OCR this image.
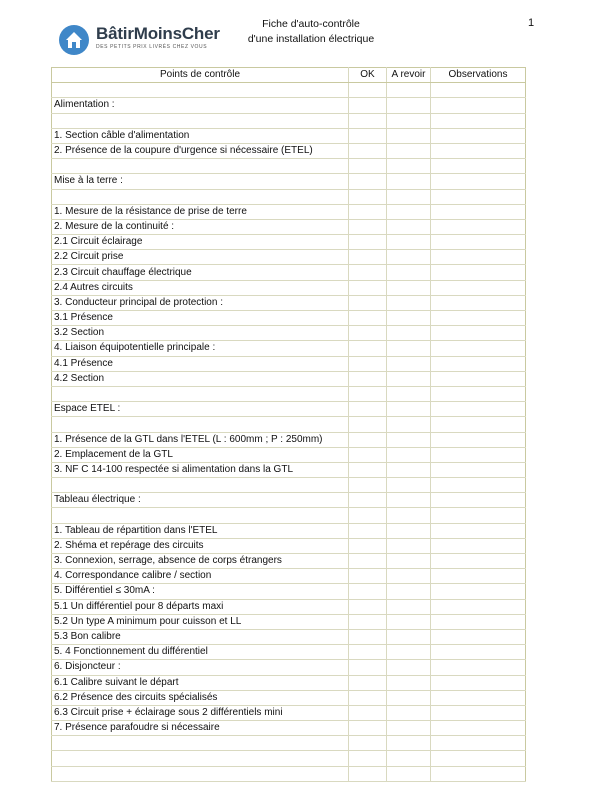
BâtirMoinsCher
DES PETITS PRIX LIVRÉS CHEZ VOUS
Fiche d'auto-contrôle
d'une installation électrique
1
Points de contrôle	OK	A revoir	Observations

Alimentation :			

1. Section câble d'alimentation			
2. Présence de la coupure d'urgence si nécessaire (ETEL)			

Mise à la terre :			

1. Mesure de la résistance de prise de terre			
2. Mesure de la continuité :			
2.1 Circuit éclairage			
2.2 Circuit prise			
2.3 Circuit chauffage électrique			
2.4 Autres circuits			
3. Conducteur principal de protection :			
3.1 Présence			
3.2 Section			
4. Liaison équipotentielle principale :			
4.1 Présence			
4.2 Section			

Espace ETEL :			

1. Présence de la GTL dans l'ETEL (L : 600mm ; P : 250mm)			
2. Emplacement de la GTL			
3. NF C 14-100 respectée si alimentation dans la GTL			

Tableau électrique :			

1. Tableau de répartition dans l'ETEL			
2. Shéma et repérage des circuits			
3. Connexion, serrage, absence de corps étrangers			
4. Correspondance calibre / section			
5. Différentiel ≤ 30mA :			
5.1 Un différentiel pour 8 départs maxi			
5.2 Un type A minimum pour cuisson et LL			
5.3 Bon calibre			
5. 4 Fonctionnement du différentiel			
6. Disjoncteur :			
6.1 Calibre suivant le départ			
6.2 Présence des circuits spécialisés			
6.3 Circuit prise + éclairage sous 2 différentiels mini			
7. Présence parafoudre si nécessaire			
